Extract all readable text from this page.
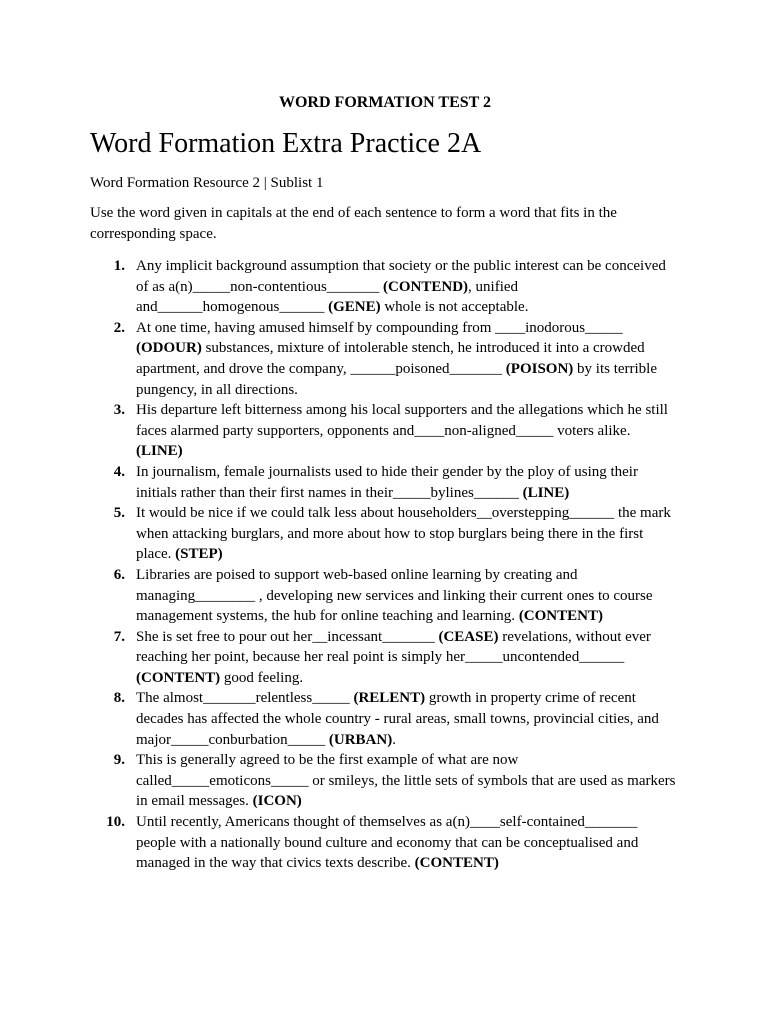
WORD FORMATION TEST 2
Word Formation Extra Practice 2A

Word Formation Resource 2 | Sublist 1

Use the word given in capitals at the end of each sentence to form a word that fits in the corresponding space.

1. Any implicit background assumption that society or the public interest can be conceived of as a(n)_____non-contentious_______ (CONTEND), unified and______homogenous______ (GENE) whole is not acceptable.
2. At one time, having amused himself by compounding from ____inodorous_____ (ODOUR) substances, mixture of intolerable stench, he introduced it into a crowded apartment, and drove the company, ______poisoned_______ (POISON) by its terrible pungency, in all directions.
3. His departure left bitterness among his local supporters and the allegations which he still faces alarmed party supporters, opponents and____non-aligned_____ voters alike. (LINE)
4. In journalism, female journalists used to hide their gender by the ploy of using their initials rather than their first names in their_____bylines______ (LINE)
5. It would be nice if we could talk less about householders__overstepping______ the mark when attacking burglars, and more about how to stop burglars being there in the first place. (STEP)
6. Libraries are poised to support web-based online learning by creating and managing________ , developing new services and linking their current ones to course management systems, the hub for online teaching and learning. (CONTENT)
7. She is set free to pour out her__incessant_______ (CEASE) revelations, without ever reaching her point, because her real point is simply her_____uncontended______ (CONTENT) good feeling.
8. The almost_______relentless_____ (RELENT) growth in property crime of recent decades has affected the whole country - rural areas, small towns, provincial cities, and major_____conburbation_____ (URBAN).
9. This is generally agreed to be the first example of what are now called_____emoticons_____ or smileys, the little sets of symbols that are used as markers in email messages. (ICON)
10. Until recently, Americans thought of themselves as a(n)____self-contained_______ people with a nationally bound culture and economy that can be conceptualised and managed in the way that civics texts describe. (CONTENT)
